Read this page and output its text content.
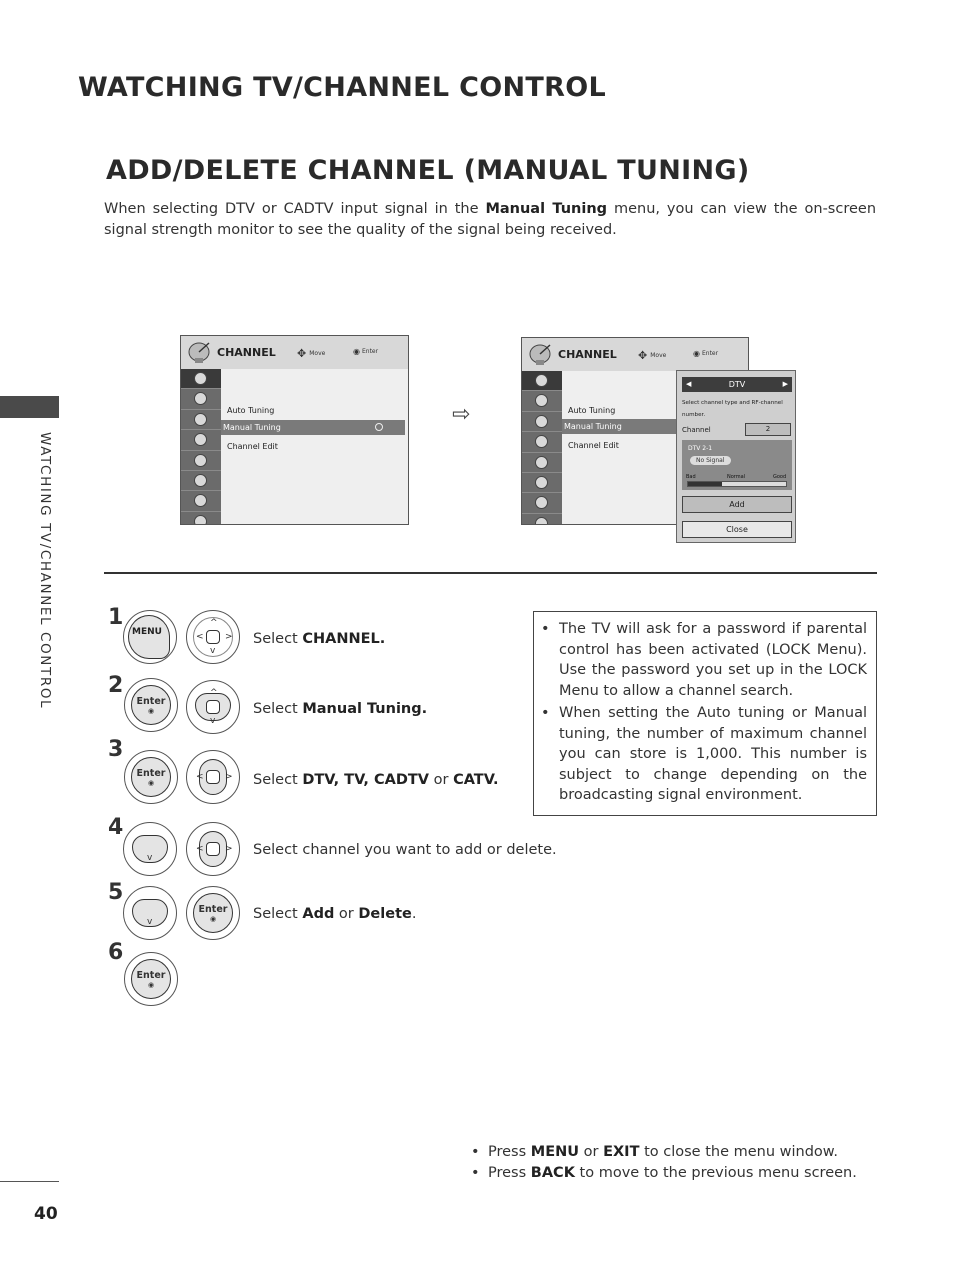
WATCHING TV/CHANNEL CONTROL
ADD/DELETE CHANNEL (MANUAL TUNING)
When selecting DTV or CADTV input signal in the Manual Tuning menu, you can view the on-screen signal strength monitor to see the quality of the signal being received.
WATCHING TV/CHANNEL CONTROL
40
CHANNEL ✥ Move	◉ Enter
Auto Tuning
Manual Tuning
Channel Edit
⇨
CHANNEL ✥ Move	◉ Enter
Auto Tuning
Manual Tuning
Channel Edit
◀	DTV	▶
Select channel type and RF-channel number.
Channel	2
DTV 2-1
No Signal
Bad	Normal	Good
Add
Close
1
MENU
^
v
< > Select CHANNEL.
2
Enter
◉
^
v
Select Manual Tuning.
3
Enter
◉
< > Select DTV, TV, CADTV or CATV.
4
v
< > Select channel you want to add or delete.
5
v
Enter
◉	Select Add or Delete.
6
Enter
◉
• The TV will ask for a password if parental control has been activated (LOCK Menu). Use the password you set up in the LOCK Menu to allow a channel search.
• When setting the Auto tuning or Manual tuning, the number of maximum channel you can store is 1,000. This number is subject to change depending on the broadcasting signal environment.
• Press MENU or EXIT to close the menu window.
• Press BACK to move to the previous menu screen.
